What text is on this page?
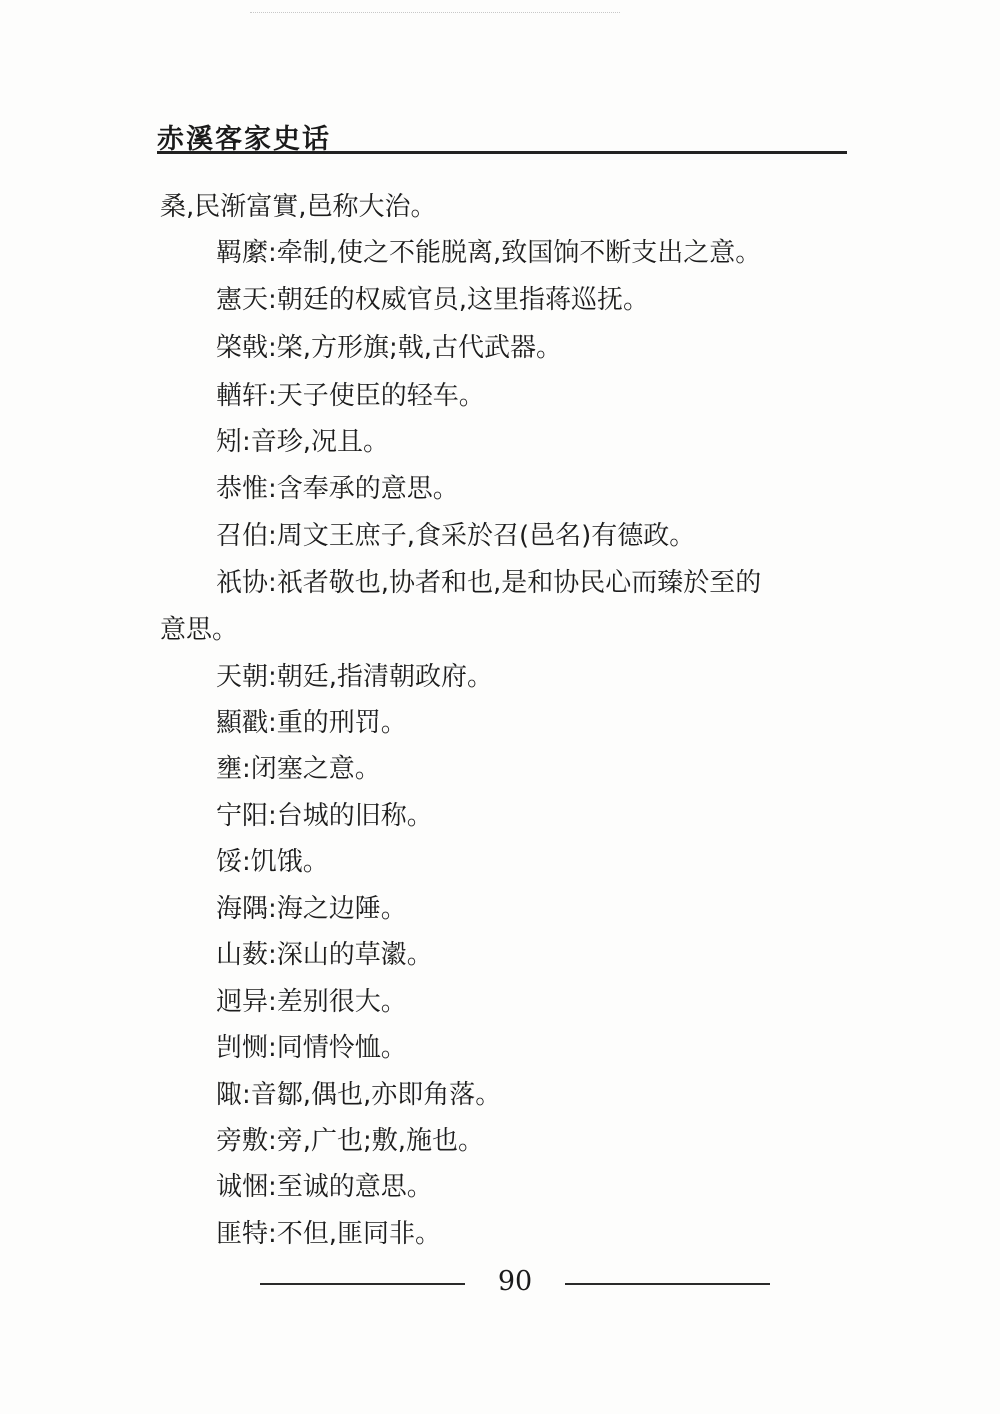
赤溪客家史话
桑,民渐富實,邑称大治。
羁縻:牵制,使之不能脱离,致国饷不断支出之意。
憲天:朝廷的权威官员,这里指蒋巡抚。
棨戟:棨,方形旗;戟,古代武器。
輶轩:天子使臣的轻车。
矧:音珍,况且。
恭惟:含奉承的意思。
召伯:周文王庶子,食采於召(邑名)有德政。
祇协:祇者敬也,协者和也,是和协民心而臻於至的
意思。
天朝:朝廷,指清朝政府。
顯戳:重的刑罚。
壅:闭塞之意。
宁阳:台城的旧称。
馁:饥饿。
海隅:海之边陲。
山薮:深山的草瀫。
迥异:差别很大。
剀恻:同情怜恤。
陬:音鄒,偶也,亦即角落。
旁敷:旁,广也;敷,施也。
诚悃:至诚的意思。
匪特:不但,匪同非。
90
